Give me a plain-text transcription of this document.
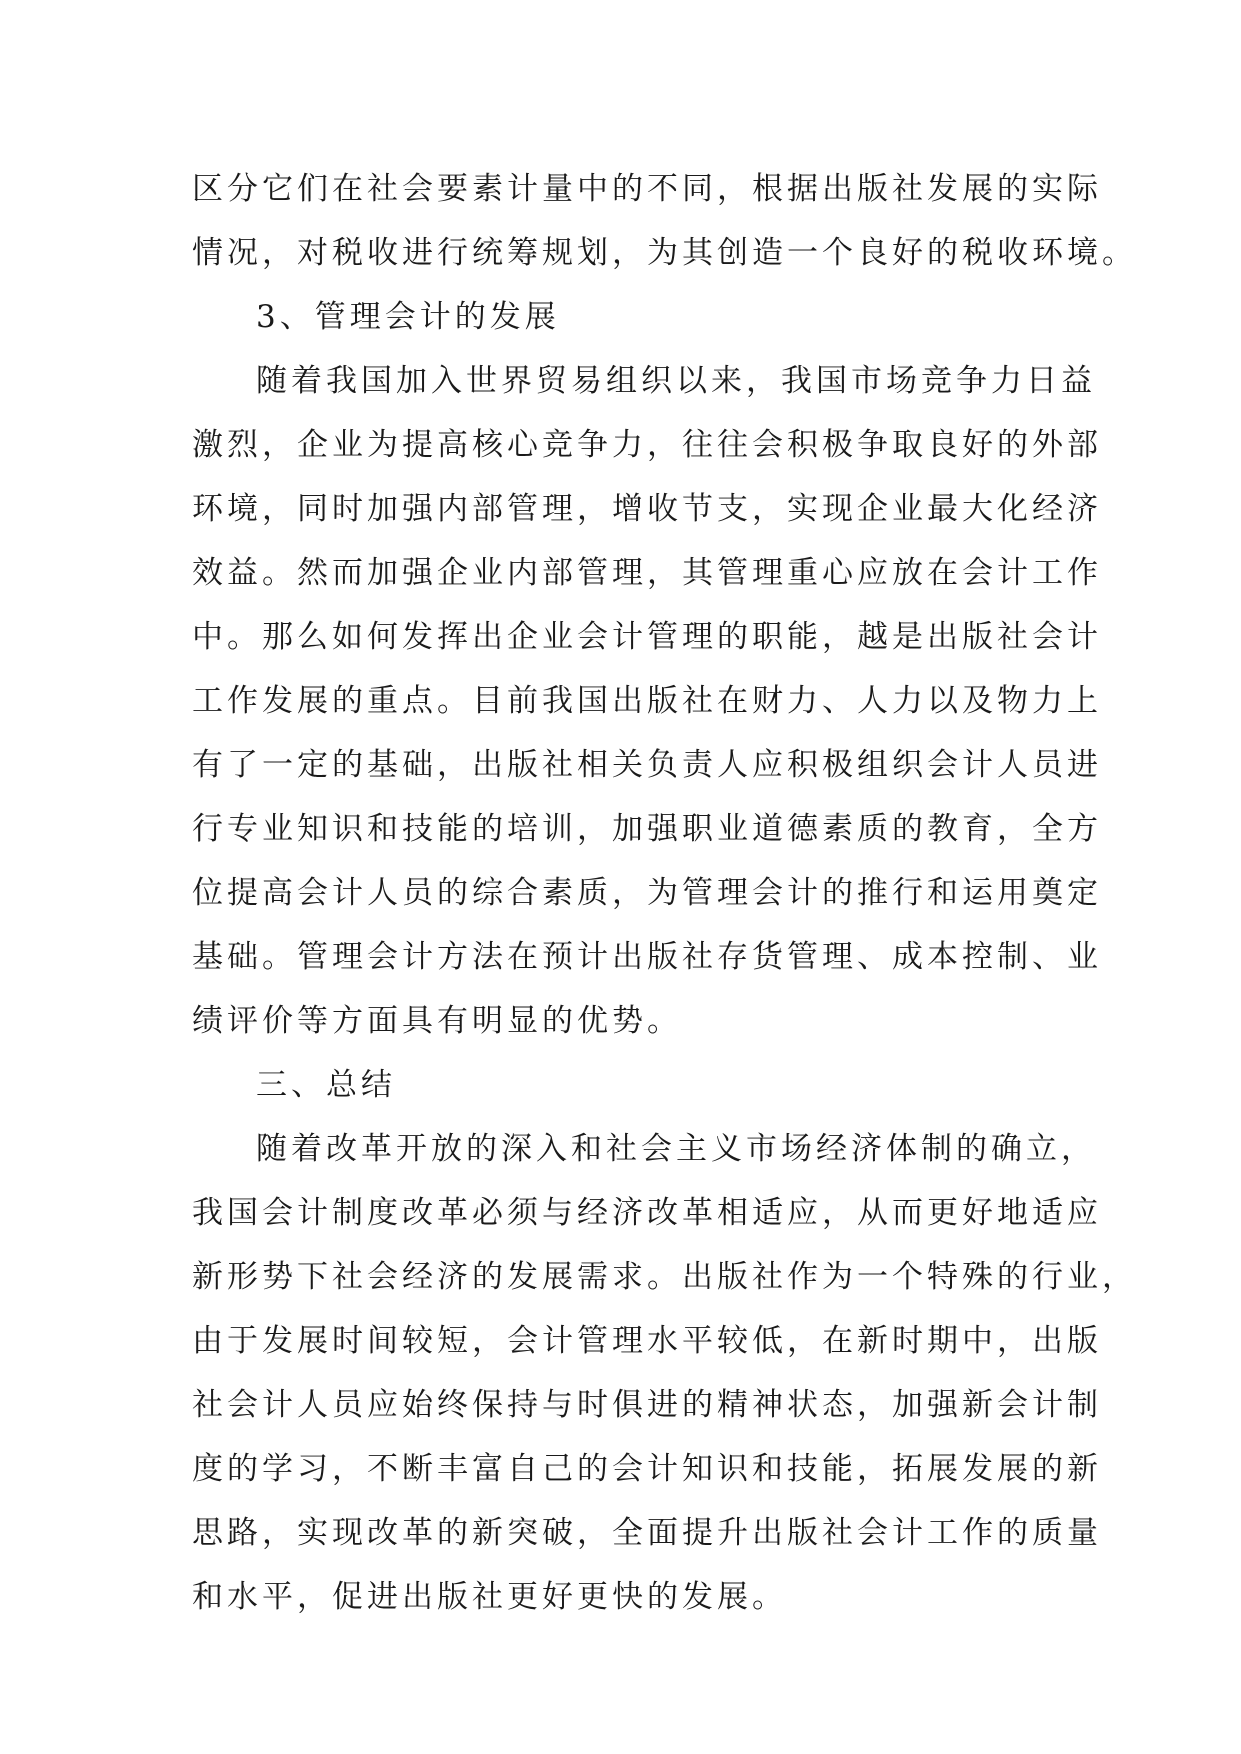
区分它们在社会要素计量中的不同，根据出版社发展的实际
情况，对税收进行统筹规划，为其创造一个良好的税收环境。
3、管理会计的发展
随着我国加入世界贸易组织以来，我国市场竞争力日益
激烈，企业为提高核心竞争力，往往会积极争取良好的外部
环境，同时加强内部管理，增收节支，实现企业最大化经济
效益。然而加强企业内部管理，其管理重心应放在会计工作
中。那么如何发挥出企业会计管理的职能，越是出版社会计
工作发展的重点。目前我国出版社在财力、人力以及物力上
有了一定的基础，出版社相关负责人应积极组织会计人员进
行专业知识和技能的培训，加强职业道德素质的教育，全方
位提高会计人员的综合素质，为管理会计的推行和运用奠定
基础。管理会计方法在预计出版社存货管理、成本控制、业
绩评价等方面具有明显的优势。
三、总结
随着改革开放的深入和社会主义市场经济体制的确立，
我国会计制度改革必须与经济改革相适应，从而更好地适应
新形势下社会经济的发展需求。出版社作为一个特殊的行业，
由于发展时间较短，会计管理水平较低，在新时期中，出版
社会计人员应始终保持与时俱进的精神状态，加强新会计制
度的学习，不断丰富自己的会计知识和技能，拓展发展的新
思路，实现改革的新突破，全面提升出版社会计工作的质量
和水平，促进出版社更好更快的发展。
